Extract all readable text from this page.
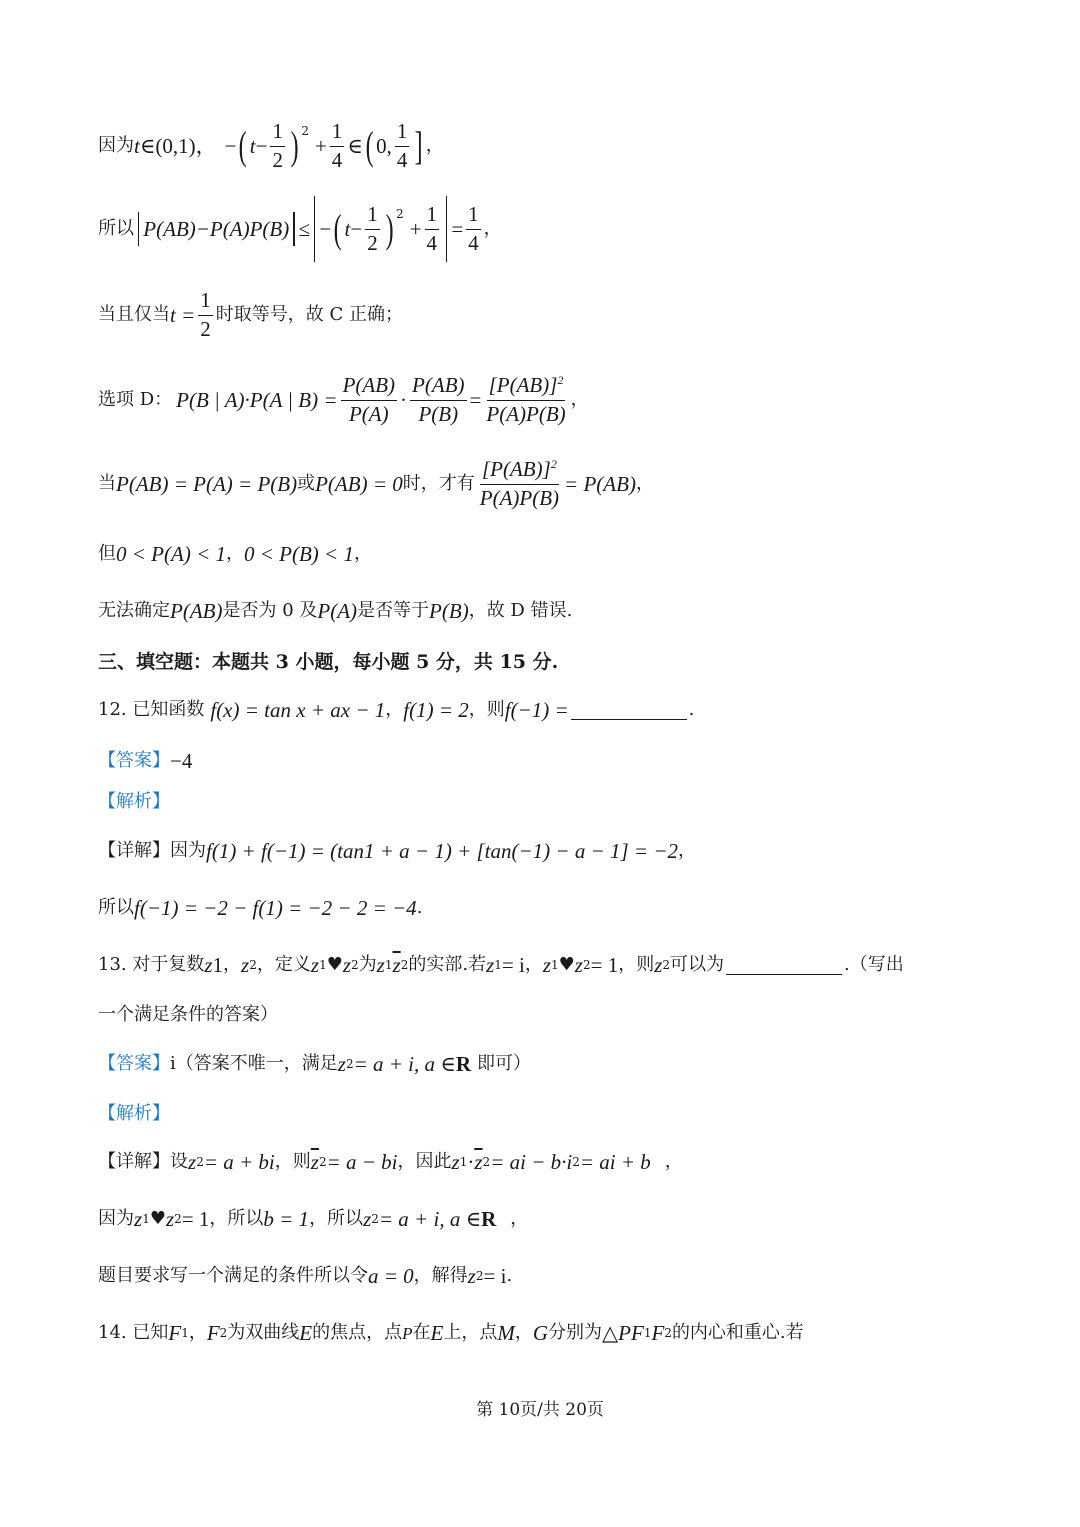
因为 t ∈(0,1)， − ( $t - \frac{1}{2}$ ) 2
+ $\frac{1}{4}$ ∈ ( 0, $\frac{1}{4}$ ] ，
所以 P(AB)−P(A)P(B) ≤ − ( $t - \frac{1}{2}$ ) 2
+ $\frac{1}{4} = \frac{1}{4}$ ，
当且仅当 $t = \frac{1}{2}$ 时取等号，故 C 正确；
选项 D： P(B | A)·P(A | $B) = \frac{P(AB)}{P(A)} \cdot \frac{P(AB)}{P(B)} = \frac{[P(AB)]^2}{P(A)P(B)}$ ，
当 P(AB) = P(A) = P(B) 或 P(AB) = 0 时，才有 $\frac{[P(AB)]^2}{P(A)P(B)} = P(AB)$ ，
但 0 < P(A) < 1 ， 0 < P(B) < 1 ，
无法确定 P(AB) 是否为 0 及 P(A) 是否等于 P(B) ，故 D 错误.
三、填空题：本题共 3 小题，每小题 5 分，共 15 分.
12. 已知函数 f(x) = tan x + ax − 1 ， f(1) = 2 ，则 f(−1) =	.
【答案】 −4
【解析】
【详解】 因为 f(1) + f(−1) = (tan1 + a − 1) + [tan(−1) − a − 1] = −2 ，
所以 f(−1) = −2 − f(1) = −2 − 2 = −4 .
13. 对于复数 z 1 ， z 2 ，定义 z 1 ♥ z 2 为 z 1 $\overline{z}$ 2 的实部.若 z 1 = i ， z 1 ♥ z 2 = 1 ，则 z 2 可以为	.（写出
一个满足条件的答案）
【答案】 i（答案不唯一，满足 z 2 = a + i, a ∈ R 即可）
【解析】
【详解】 设 z 2 = a + bi ，则 $\overline{z}$ 2 = a − bi ，因此 z $1 \cdot \overline{z}$ 2 = ai − b·i 2 = ai + b ，
因为 z 1 ♥ z 2 = 1 ，所以 b = 1 ，所以 z 2 = a + i, a ∈ R ，
题目要求写一个满足的条件所以令 a = 0 ，解得 z 2 = i .
14. 已知 F 1 ， F 2 为双曲线 E 的焦点，点 P 在 E 上，点 M ， G 分别为 △PF 1 F 2 的内心和重心.若
第 10页/共 20页
